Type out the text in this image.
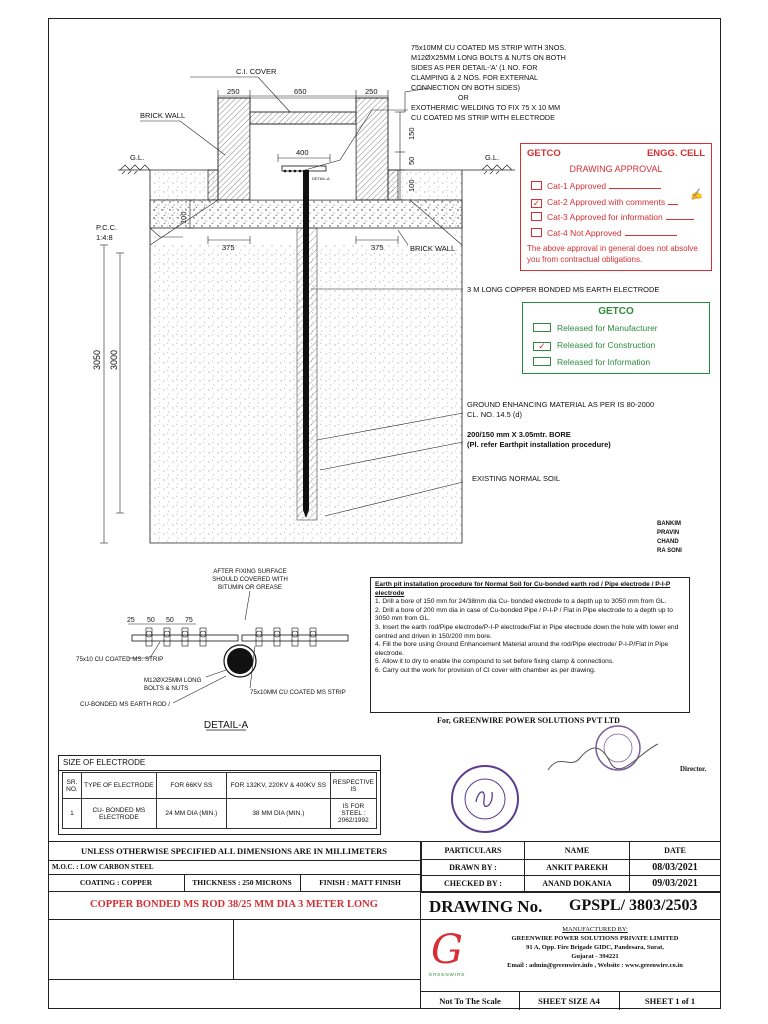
C.I. COVER
250	650	250
BRICK WALL
G.L.	G.L.
400
DETAIL-A
150
50
100
100
P.C.C.
1:4:8
375	375	BRICK WALL
3050 3000
75x10MM CU COATED MS STRIP WITH 3NOS.
M12ØX25MM LONG BOLTS & NUTS ON BOTH
SIDES AS PER DETAIL-'A' (1 NO. FOR
CLAMPING & 2 NOS. FOR EXTERNAL
CONNECTION ON BOTH SIDES)
OR
EXOTHERMIC WELDING TO FIX 75 X 10 MM
CU COATED MS STRIP WITH ELECTRODE
3 M LONG COPPER BONDED MS EARTH ELECTRODE
GROUND ENHANCING MATERIAL AS PER IS 80-2000
CL. NO. 14.5 (d)
200/150 mm X 3.05mtr. BORE
(Pl. refer Earthpit installation procedure)
EXISTING NORMAL SOIL
GETCO	ENGG. CELL
DRAWING APPROVAL
Cat-1 Approved
✓ Cat-2 Approved with comments
Cat-3 Approved for information
Cat-4 Not Approved
The above approval in general does not absolve you from contractual obligations.
✍
GETCO
Released for Manufacturer
✓ Released for Construction
Released for Information
BANKIM
PRAVIN
CHAND
RA SONI
AFTER FIXING SURFACE
SHOULD COVERED WITH
BITUMIN OR GREASE
25 50 50 75
75x10 CU COATED MS. STRIP
M12ØX25MM LONG
BOLTS & NUTS
CU-BONDED MS EARTH ROD /
75x10MM CU COATED MS STRIP
DETAIL-A
Earth pit installation procedure for Normal Soil for Cu-bonded earth rod / Pipe electrode / P-I-P electrode
1. Drill a bore of 150 mm for 24/38mm dia Cu- bonded electrode to a depth up to 3050 mm from GL.
2. Drill a bore of 200 mm dia in case of Cu-bonded Pipe / P-I-P / Flat in Pipe electrode to a depth up to 3050 mm from GL.
3. Insert the earth rod/Pipe electrode/P-I-P electrode/Flat in Pipe electrode down the hole with lower end centred and driven in 150/200 mm bore.
4. Fill the bore using Ground Enhancement Material around the rod/Pipe electrode/ P-I-P/Flat in Pipe electrode.
5. Allow it to dry to enable the compound to set before fixing clamp & connections.
6. Carry out the work for provision of CI cover with chamber as per drawing.
For, GREENWIRE POWER SOLUTIONS PVT LTD
Director.
SIZE OF ELECTRODE
SR. NO.	TYPE OF ELECTRODE	FOR 66KV SS	FOR 132KV, 220KV & 400KV SS	RESPECTIVE IS
1	CU- BONDED MS ELECTRODE	24 MM DIA (MIN.)	38 MM DIA (MIN.)	IS FOR STEEL : 2062/1992
UNLESS OTHERWISE SPECIFIED ALL DIMENSIONS ARE IN MILLIMETERS
M.O.C. : LOW CARBON STEEL
COATING : COPPER	THICKNESS : 250 MICRONS	FINISH : MATT FINISH
COPPER BONDED MS ROD 38/25 MM DIA 3 METER LONG
PARTICULARS	NAME	DATE
DRAWN BY :	ANKIT PAREKH	08/03/2021
CHECKED BY :	ANAND DOKANIA	09/03/2021
DRAWING No. GPSPL/ 3803/2503
G
GREENWIRE
MANUFACTURED BY:
GREENWIRE POWER SOLUTIONS PRIVATE LIMITED
91 A, Opp. Fire Brigade GIDC, Pandesara, Surat,
Gujarat - 394221
Email : admin@greenwire.info , Website : www.greenwire.co.in
Not To The Scale	SHEET SIZE A4	SHEET 1 of 1
